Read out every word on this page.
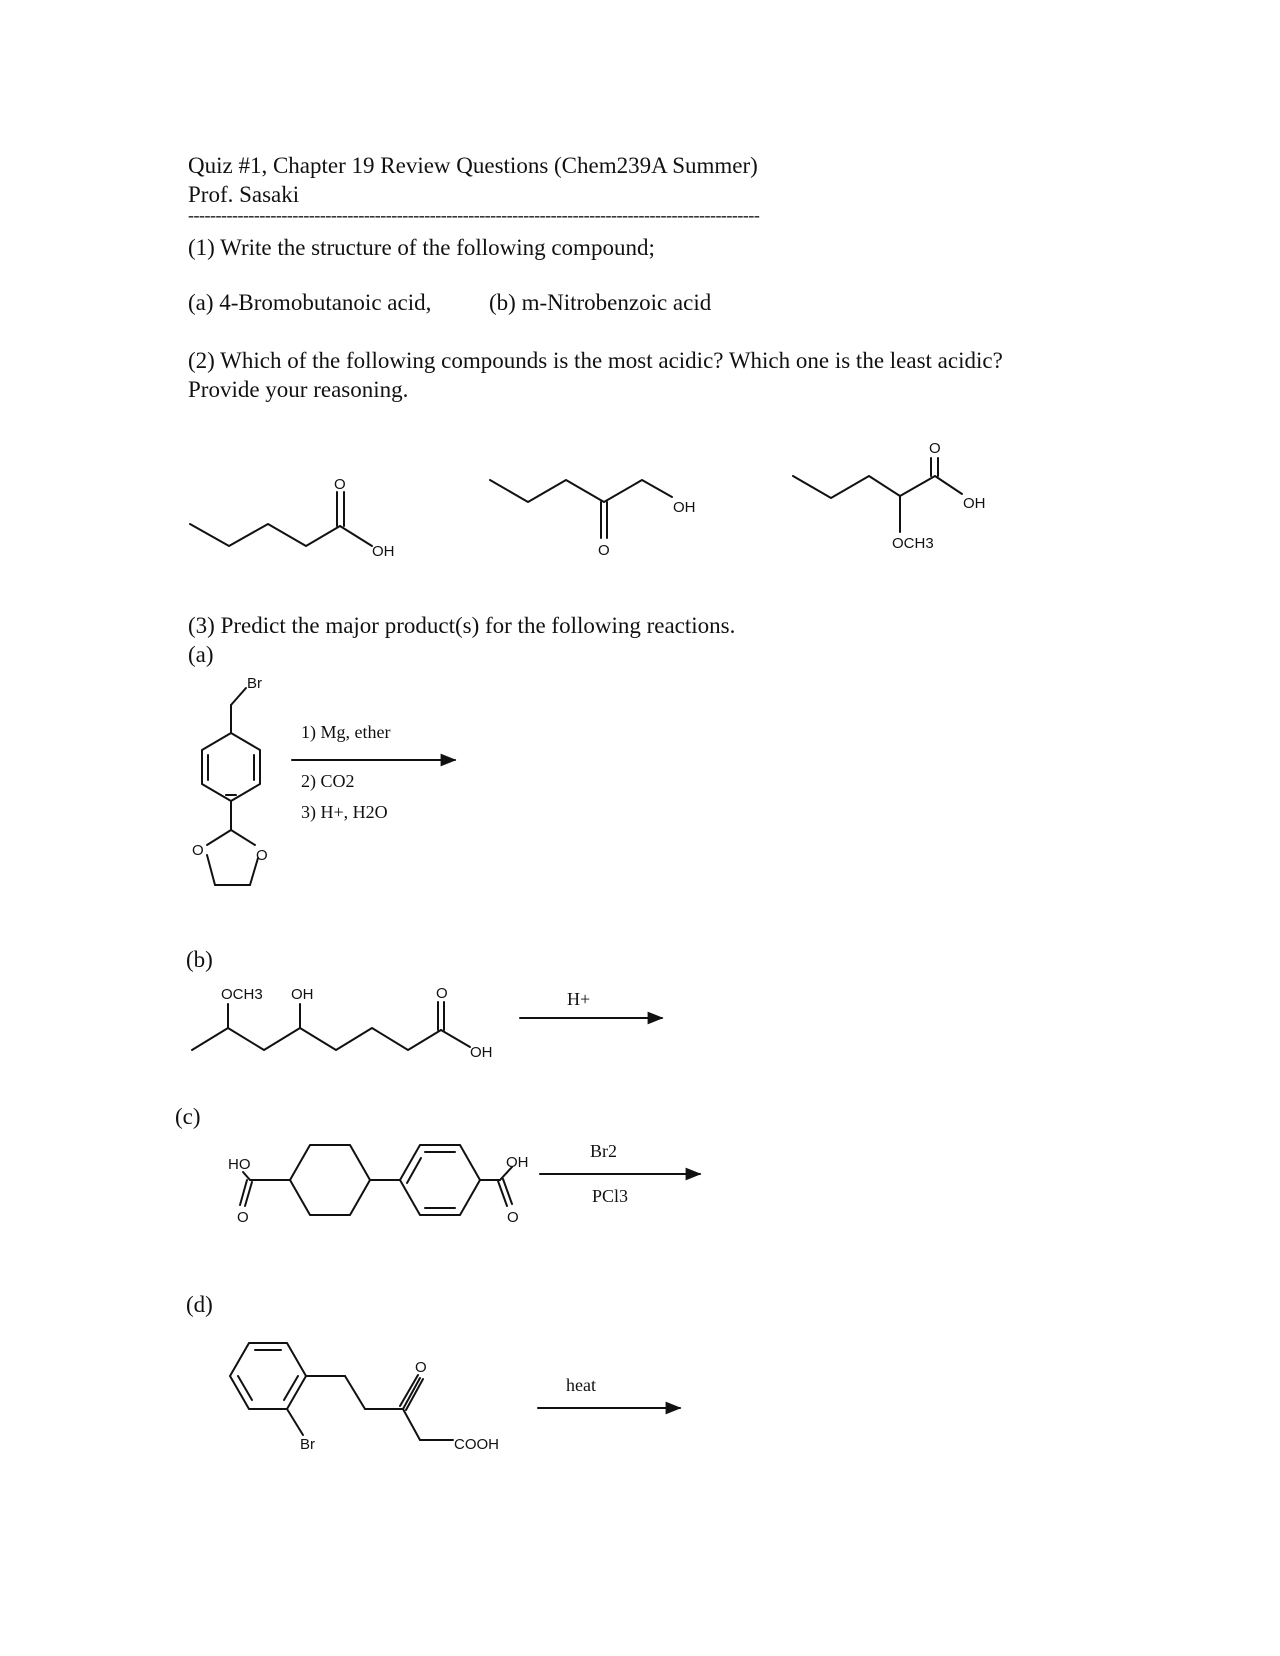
Quiz #1, Chapter 19 Review Questions (Chem239A Summer)
Prof. Sasaki
--------------------------------------------------------------------------------------------------------
(1) Write the structure of the following compound;
(a) 4-Bromobutanoic acid,	(b) m-Nitrobenzoic acid
(2) Which of the following compounds is the most acidic? Which one is the least acidic?
Provide your reasoning.
(3) Predict the major product(s) for the following reactions.
(a)
(b)
(c)
(d)
O
OH
OH
O
O
OH
OCH3
Br
O	O
1) Mg, ether
2) CO2
3) H+, H2O
OCH3 OH	O
OH
H+
HO
O
OH
O
Br2
PCl3
O
Br	COOH
heat
